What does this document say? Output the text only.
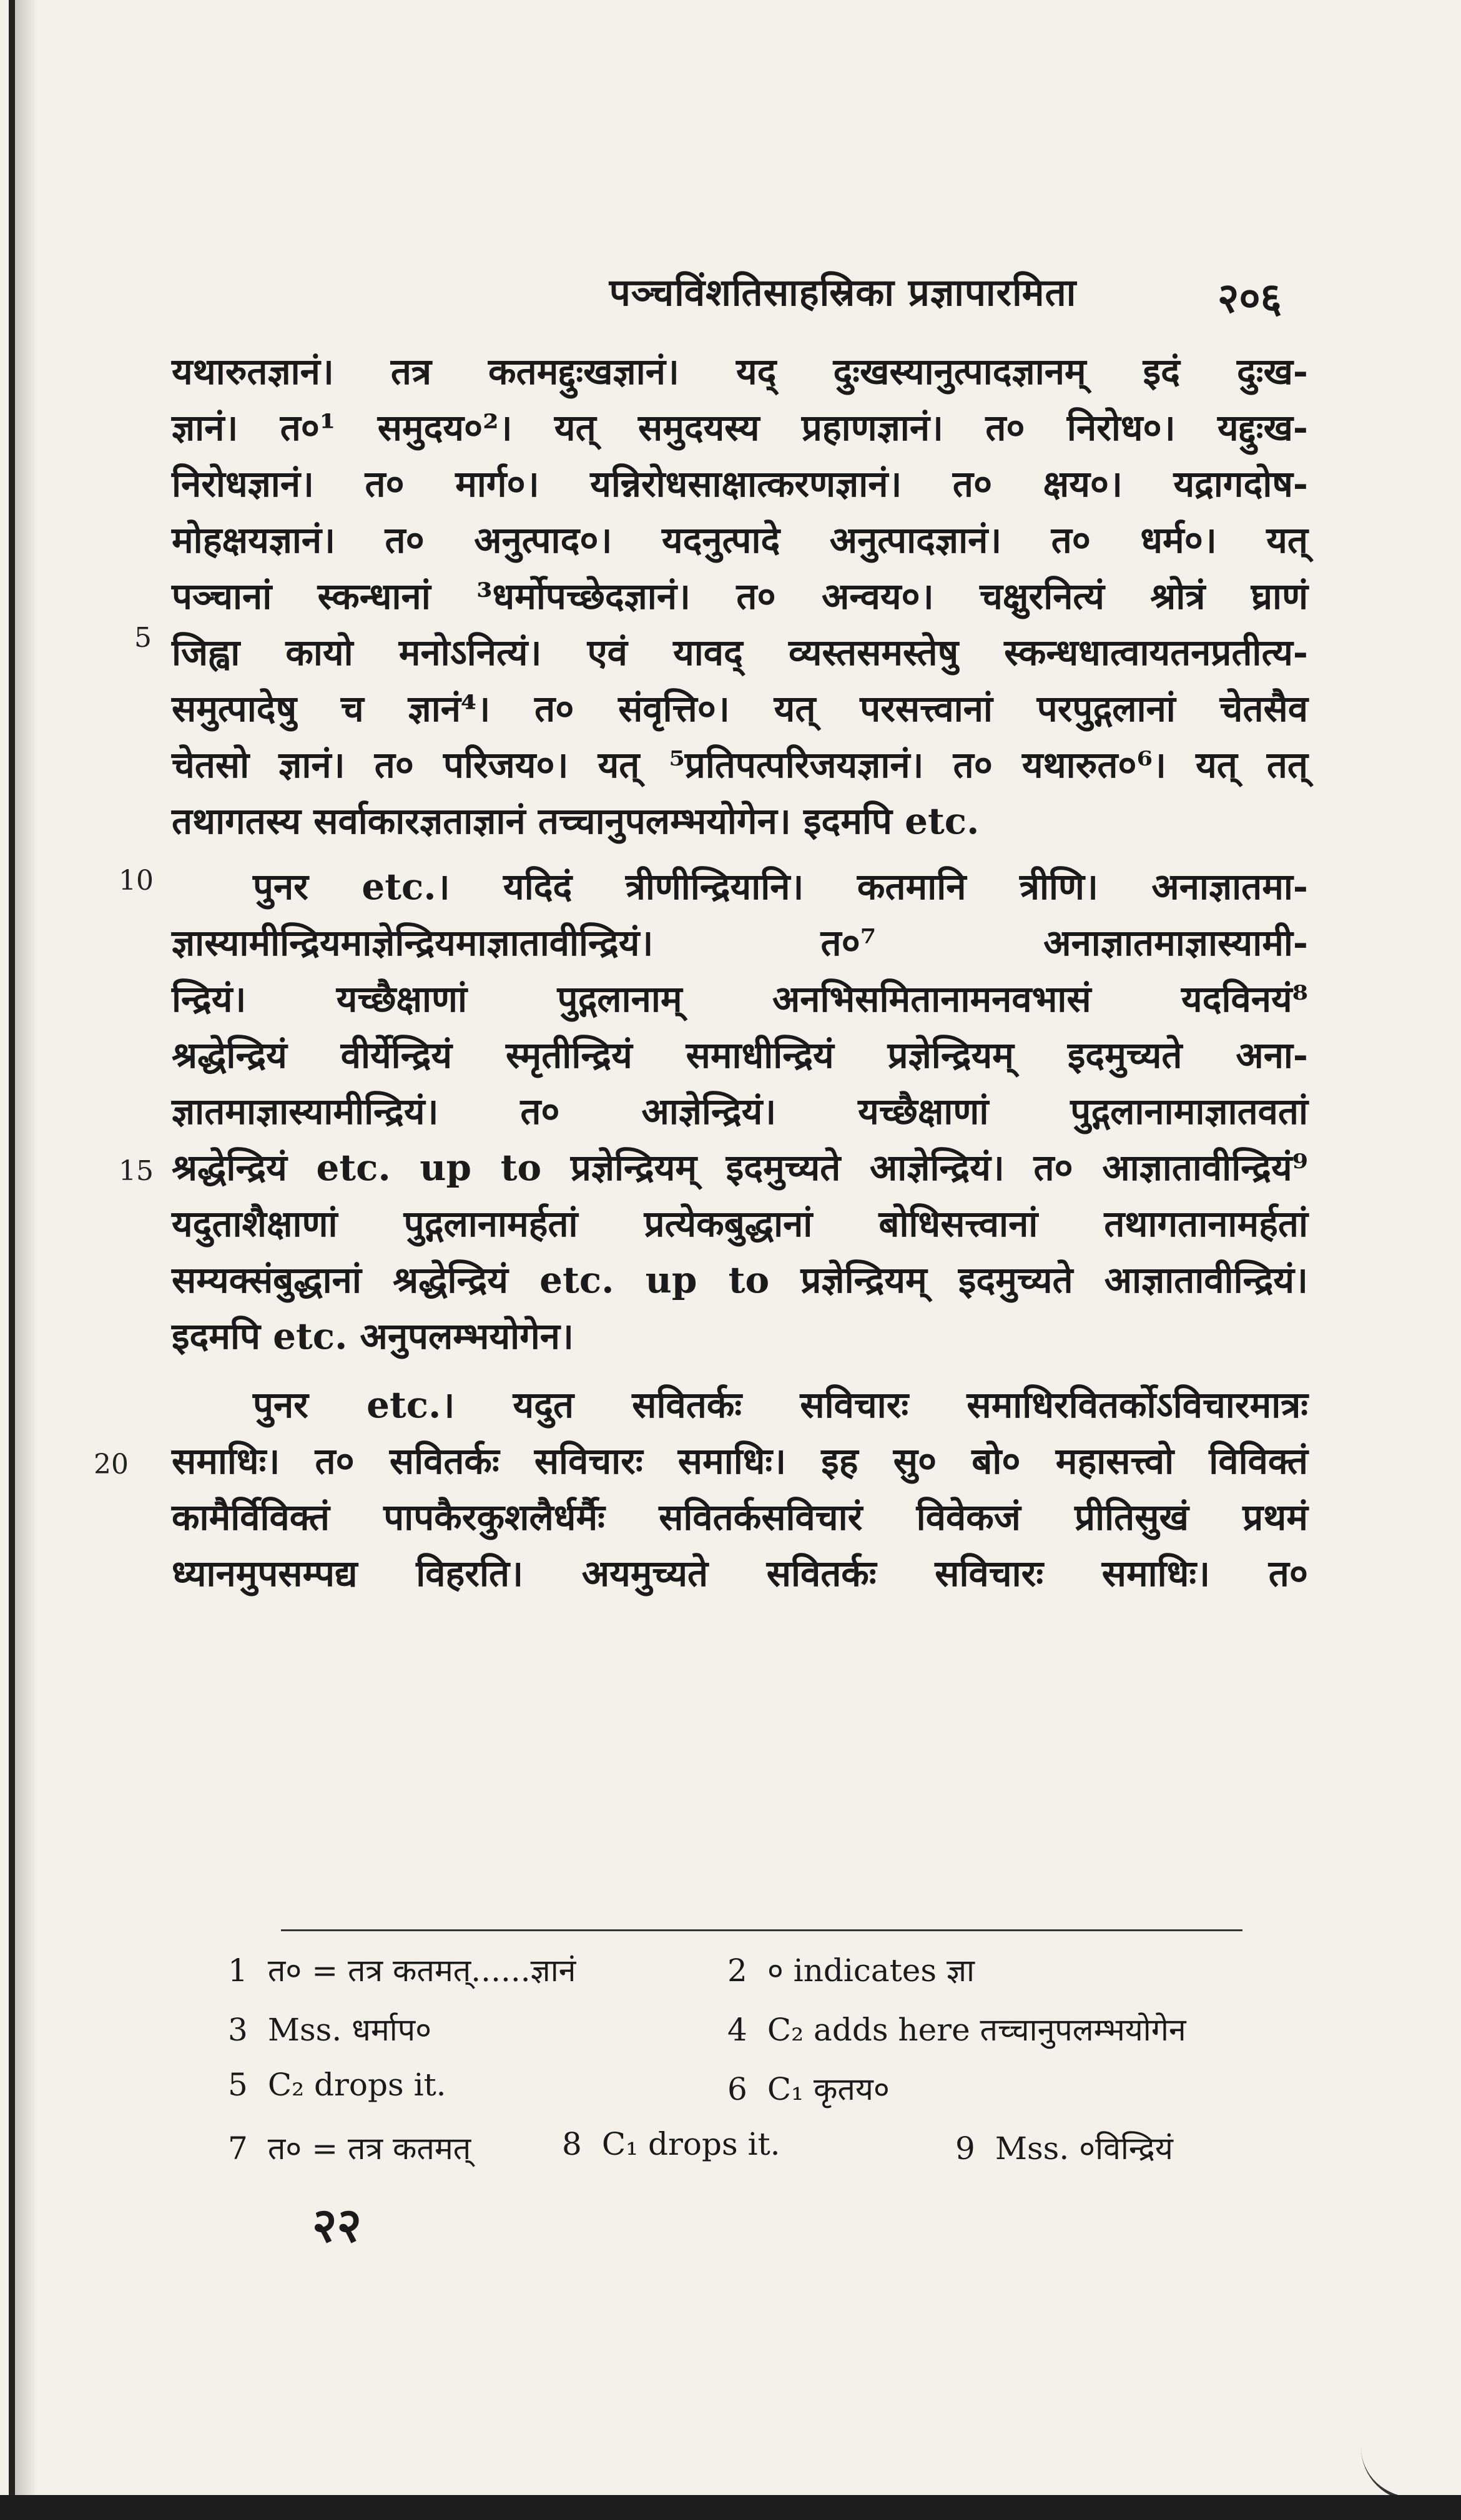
पञ्चविंशतिसाहस्रिका प्रज्ञापारमिता	२०६
यथारुतज्ञानं। तत्र कतमद्दुःखज्ञानं। यद् दुःखस्यानुत्पादज्ञानम् इदं दुःख-
ज्ञानं। त०¹ समुदय०²। यत् समुदयस्य प्रहाणज्ञानं। त० निरोध०। यद्दुःख-
निरोधज्ञानं। त० मार्ग०। यन्निरोधसाक्षात्करणज्ञानं। त० क्षय०। यद्रागदोष-
मोहक्षयज्ञानं। त० अनुत्पाद०। यदनुत्पादे अनुत्पादज्ञानं। त० धर्म०। यत्
5
पञ्चानां स्कन्धानां ³धर्मोपच्छेदज्ञानं। त० अन्वय०। चक्षुरनित्यं श्रोत्रं घ्राणं
जिह्वा कायो मनोऽनित्यं। एवं यावद् व्यस्तसमस्तेषु स्कन्धधात्वायतनप्रतीत्य-
समुत्पादेषु च ज्ञानं⁴। त० संवृत्ति०। यत् परसत्त्वानां परपुद्गलानां चेतसैव
चेतसो ज्ञानं। त० परिजय०। यत् ⁵प्रतिपत्परिजयज्ञानं। त० यथारुत०⁶। यत् तत्
तथागतस्य सर्वाकारज्ञताज्ञानं तच्चानुपलम्भयोगेन। इदमपि etc.
10	पुनर etc.। यदिदं त्रीणीन्द्रियानि। कतमानि त्रीणि। अनाज्ञातमा-
ज्ञास्यामीन्द्रियमाज्ञेन्द्रियमाज्ञातावीन्द्रियं। त०⁷ अनाज्ञातमाज्ञास्यामी-
न्द्रियं। यच्छैक्षाणां पुद्गलानाम् अनभिसमितानामनवभासं यदविनयं⁸
श्रद्धेन्द्रियं वीर्येन्द्रियं स्मृतीन्द्रियं समाधीन्द्रियं प्रज्ञेन्द्रियम् इदमुच्यते अना-
ज्ञातमाज्ञास्यामीन्द्रियं। त० आज्ञेन्द्रियं। यच्छैक्षाणां पुद्गलानामाज्ञातवतां
15 श्रद्धेन्द्रियं etc. up to प्रज्ञेन्द्रियम् इदमुच्यते आज्ञेन्द्रियं। त० आज्ञातावीन्द्रियं⁹
यदुताशैक्षाणां पुद्गलानामर्हतां प्रत्येकबुद्धानां बोधिसत्त्वानां तथागतानामर्हतां
सम्यक्संबुद्धानां श्रद्धेन्द्रियं etc. up to प्रज्ञेन्द्रियम् इदमुच्यते आज्ञातावीन्द्रियं।
इदमपि etc. अनुपलम्भयोगेन।
पुनर etc.। यदुत सवितर्कः सविचारः समाधिरवितर्कोऽविचारमात्रः
20 समाधिः। त० सवितर्कः सविचारः समाधिः। इह सु० बो० महासत्त्वो विविक्तं
कामैर्विविक्तं पापकैरकुशलैर्धर्मैः सवितर्कसविचारं विवेकजं प्रीतिसुखं प्रथमं
ध्यानमुपसम्पद्य विहरति। अयमुच्यते सवितर्कः सविचारः समाधिः। त०
1 त० = तत्र कतमत्......ज्ञानं	2 ० indicates ज्ञा
3 Mss. धर्माप०	4 C₂ adds here तच्चानुपलम्भयोगेन
5 C₂ drops it.	6 C₁ कृतय०
7 त० = तत्र कतमत्	8 C₁ drops it.	9 Mss. ०विन्द्रियं
२२
